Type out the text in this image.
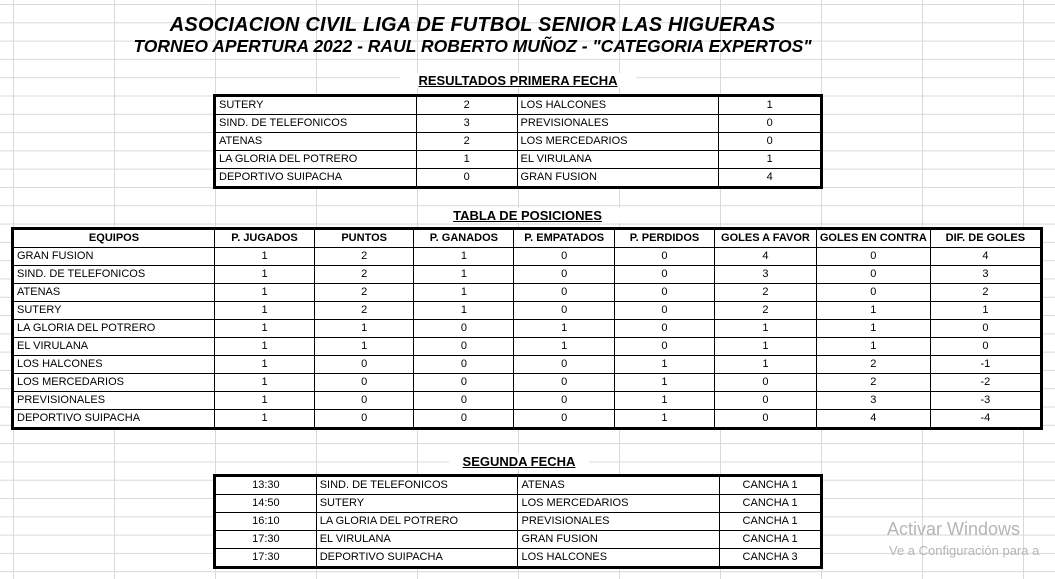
ASOCIACION CIVIL LIGA DE FUTBOL SENIOR LAS HIGUERAS
TORNEO APERTURA 2022 - RAUL ROBERTO MUÑOZ - "CATEGORIA EXPERTOS"
RESULTADOS PRIMERA FECHA
SUTERY	2	LOS HALCONES	1
SIND. DE TELEFONICOS	3	PREVISIONALES	0
ATENAS	2	LOS MERCEDARIOS	0
LA GLORIA DEL POTRERO	1	EL VIRULANA	1
DEPORTIVO SUIPACHA	0	GRAN FUSION	4
TABLA DE POSICIONES
EQUIPOS	P. JUGADOS	PUNTOS	P. GANADOS	P. EMPATADOS	P. PERDIDOS	GOLES A FAVOR	GOLES EN CONTRA	DIF. DE GOLES
GRAN FUSION	1	2	1	0	0	4	0	4
SIND. DE TELEFONICOS	1	2	1	0	0	3	0	3
ATENAS	1	2	1	0	0	2	0	2
SUTERY	1	2	1	0	0	2	1	1
LA GLORIA DEL POTRERO	1	1	0	1	0	1	1	0
EL VIRULANA	1	1	0	1	0	1	1	0
LOS HALCONES	1	0	0	0	1	1	2	-1
LOS MERCEDARIOS	1	0	0	0	1	0	2	-2
PREVISIONALES	1	0	0	0	1	0	3	-3
DEPORTIVO SUIPACHA	1	0	0	0	1	0	4	-4
SEGUNDA FECHA
13:30	SIND. DE TELEFONICOS	ATENAS	CANCHA 1
14:50	SUTERY	LOS MERCEDARIOS	CANCHA 1
16:10	LA GLORIA DEL POTRERO	PREVISIONALES	CANCHA 1
17:30	EL VIRULANA	GRAN FUSION	CANCHA 1
17:30	DEPORTIVO SUIPACHA	LOS HALCONES	CANCHA 3
Activar Windows
Ve a Configuración para a
